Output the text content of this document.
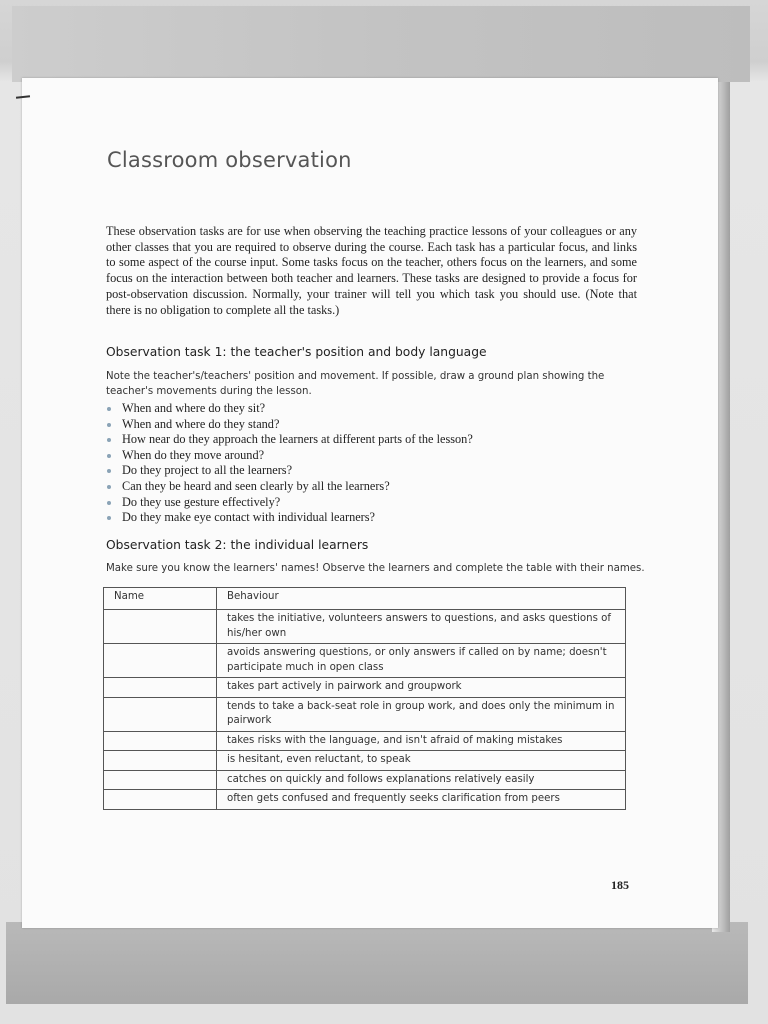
Classroom observation

These observation tasks are for use when observing the teaching practice lessons of your colleagues or any other classes that you are required to observe during the course. Each task has a particular focus, and links to some aspect of the course input. Some tasks focus on the teacher, others focus on the learners, and some focus on the interaction between both teacher and learners. These tasks are designed to provide a focus for post-observation discussion. Normally, your trainer will tell you which task you should use. (Note that there is no obligation to complete all the tasks.)

Observation task 1: the teacher's position and body language

Note the teacher's/teachers' position and movement. If possible, draw a ground plan showing the teacher's movements during the lesson.

When and where do they sit?
When and where do they stand?
How near do they approach the learners at different parts of the lesson?
When do they move around?
Do they project to all the learners?
Can they be heard and seen clearly by all the learners?
Do they use gesture effectively?
Do they make eye contact with individual learners?
Observation task 2: the individual learners

Make sure you know the learners' names! Observe the learners and complete the table with their names.

Name	Behaviour
	takes the initiative, volunteers answers to questions, and asks questions of his/her own
	avoids answering questions, or only answers if called on by name; doesn't participate much in open class
	takes part actively in pairwork and groupwork
	tends to take a back-seat role in group work, and does only the minimum in pairwork
	takes risks with the language, and isn't afraid of making mistakes
	is hesitant, even reluctant, to speak
	catches on quickly and follows explanations relatively easily
	often gets confused and frequently seeks clarification from peers
185
